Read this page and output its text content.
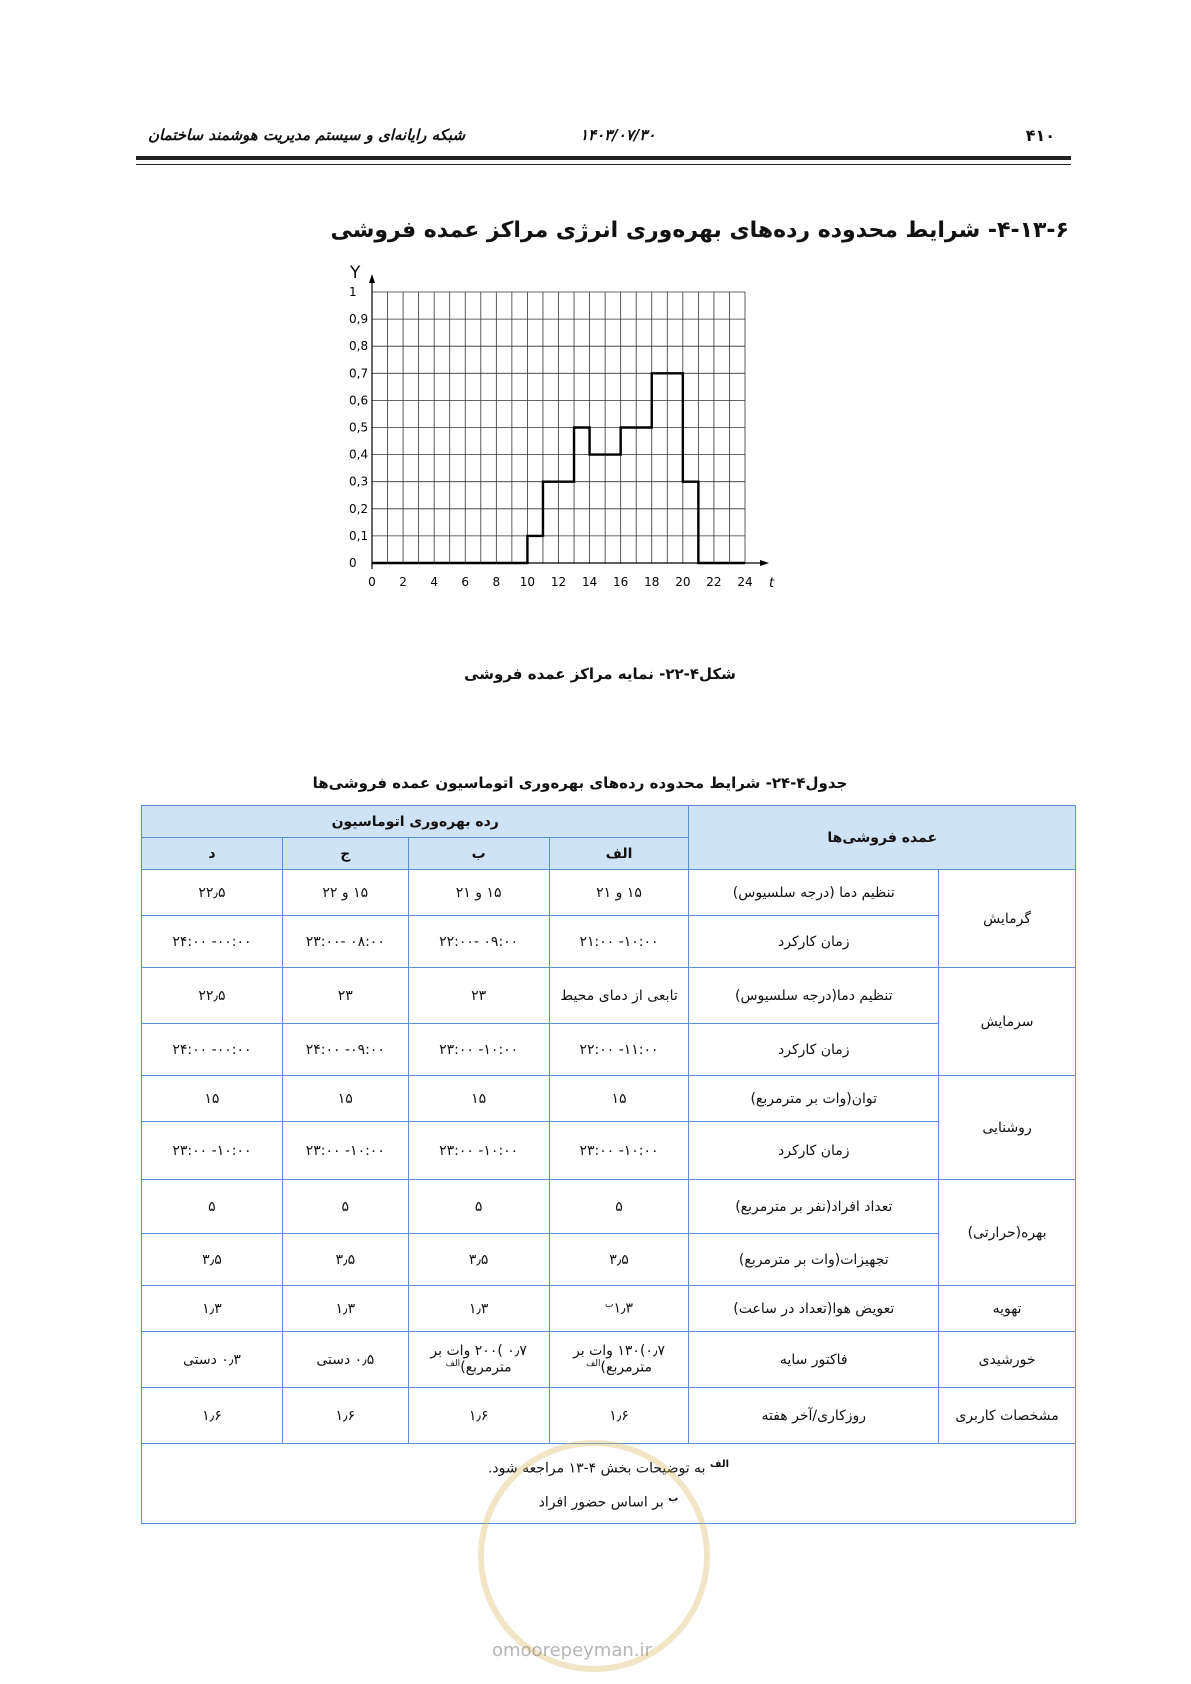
۴۱۰
۱۴۰۳/۰۷/۳۰
شبکه رایانه‌ای و سیستم مدیریت هوشمند ساختمان
۴-۱۳-۶- شرایط محدوده رده‌های بهره‌وری انرژی مراکز عمده فروشی
Y
t
0
0,1
0,2
0,3
0,4
0,5
0,6
0,7
0,8
0,9
1
0 2 4 6 8 10 12 14 16 18 20 22 24
شکل۴-۲۲- نمایه مراکز عمده فروشی
جدول۴-۲۴- شرایط محدوده رده‌های بهره‌وری اتوماسیون عمده فروشی‌ها
عمده فروشی‌ها		رده بهره‌وری اتوماسیون			
		الف	ب	ج	د
گرمایش	تنظیم دما (درجه سلسیوس)	۱۵ و ۲۱	۱۵ و ۲۱	۱۵ و ۲۲	۲۲٫۵
	زمان کارکرد	۱۰:۰۰- ۲۱:۰۰	۰۹:۰۰ -۲۲:۰۰	۰۸:۰۰ -۲۳:۰۰	۰۰:۰۰- ۲۴:۰۰
سرمایش	تنظیم دما(درجه سلسیوس)	تابعی از دمای محیط	۲۳	۲۳	۲۲٫۵
	زمان کارکرد	۱۱:۰۰- ۲۲:۰۰	۱۰:۰۰- ۲۳:۰۰	۰۹:۰۰- ۲۴:۰۰	۰۰:۰۰- ۲۴:۰۰
روشنایی	توان(وات بر مترمربع)	۱۵	۱۵	۱۵	۱۵
	زمان کارکرد	۱۰:۰۰- ۲۳:۰۰	۱۰:۰۰- ۲۳:۰۰	۱۰:۰۰- ۲۳:۰۰	۱۰:۰۰- ۲۳:۰۰
بهره(حرارتی)	تعداد افراد(نفر بر مترمربع)	۵	۵	۵	۵
	تجهیزات(وات بر مترمربع)	۳٫۵	۳٫۵	۳٫۵	۳٫۵
تهویه	تعویض هوا(تعداد در ساعت)	$۱٫۳^ب$	۱٫۳	۱٫۳	۱٫۳
خورشیدی	فاکتور سایه	۰٫۷)۱۳۰ وات بر مترمربع)$^{الف}$	۰٫۷ )۲۰۰ وات بر مترمربع)$^{الف}$	۰٫۵ دستی	۰٫۳ دستی
مشخصات کاربری	روزکاری/آخر هفته	۱٫۶	۱٫۶	۱٫۶	۱٫۶

$^{الف}$ به توضیحات بخش ۴-۱۳ مراجعه شود.
$^ب$ بر اساس حضور افراد					
omoorepeyman.ir
